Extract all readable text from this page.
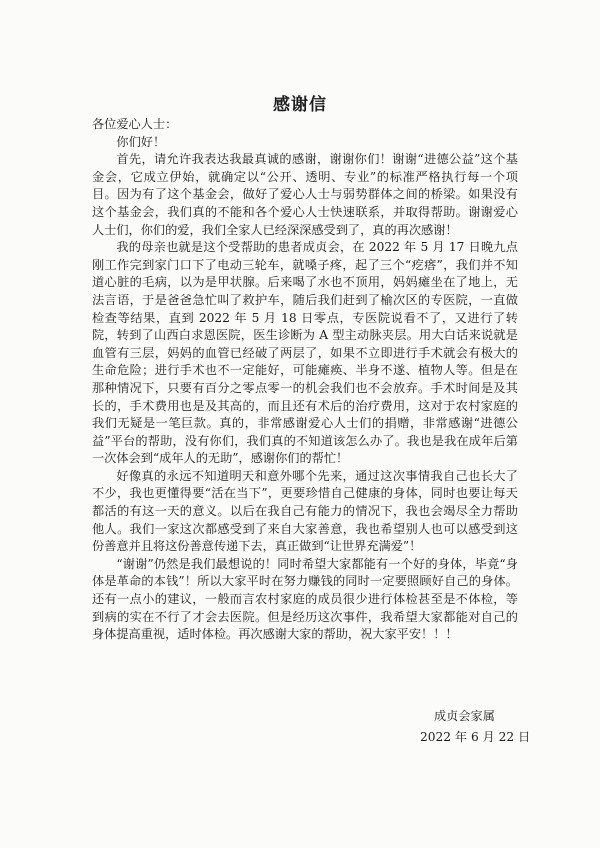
感谢信

各位爱心人士：

你们好！

首先，请允许我表达我最真诚的感谢，谢谢你们！谢谢“进德公益”这个基金会，它成立伊始，就确定以“公开、透明、专业”的标准严格执行每一个项目。因为有了这个基金会，做好了爱心人士与弱势群体之间的桥梁。如果没有这个基金会，我们真的不能和各个爱心人士快速联系，并取得帮助。谢谢爱心人士们，你们的爱，我们全家人已经深深感受到了，真的再次感谢！

我的母亲也就是这个受帮助的患者成贞会，在 2022 年 5 月 17 日晚九点刚工作完到家门口下了电动三轮车，就嗓子疼，起了三个“疙瘩”，我们并不知道心脏的毛病，以为是甲状腺。后来喝了水也不顶用，妈妈瘫坐在了地上，无法言语，于是爸爸急忙叫了救护车，随后我们赶到了榆次区的专医院，一直做检查等结果，直到 2022 年 5 月 18 日零点，专医院说看不了，又进行了转院，转到了山西白求恩医院，医生诊断为 A 型主动脉夹层。用大白话来说就是血管有三层，妈妈的血管已经破了两层了，如果不立即进行手术就会有极大的生命危险；进行手术也不一定能好，可能瘫痪、半身不遂、植物人等。但是在那种情况下，只要有百分之零点零一的机会我们也不会放弃。手术时间是及其长的，手术费用也是及其高的，而且还有术后的治疗费用，这对于农村家庭的我们无疑是一笔巨款。真的，非常感谢爱心人士们的捐赠，非常感谢“进德公益”平台的帮助，没有你们，我们真的不知道该怎么办了。我也是我在成年后第一次体会到“成年人的无助”，感谢你们的帮忙！

好像真的永远不知道明天和意外哪个先来，通过这次事情我自己也长大了不少，我也更懂得要“活在当下”，更要珍惜自己健康的身体，同时也要让每天都活的有这一天的意义。以后在我自己有能力的情况下，我也会竭尽全力帮助他人。我们一家这次都感受到了来自大家善意，我也希望别人也可以感受到这份善意并且将这份善意传递下去，真正做到“让世界充满爱”！

“谢谢”仍然是我们最想说的！同时希望大家都能有一个好的身体，毕竟“身体是革命的本钱”！所以大家平时在努力赚钱的同时一定要照顾好自己的身体。还有一点小的建议，一般而言农村家庭的成员很少进行体检甚至是不体检，等到病的实在不行了才会去医院。但是经历这次事件，我希望大家都能对自己的身体提高重视，适时体检。再次感谢大家的帮助，祝大家平安！！！

成贞会家属
2022 年 6 月 22 日
